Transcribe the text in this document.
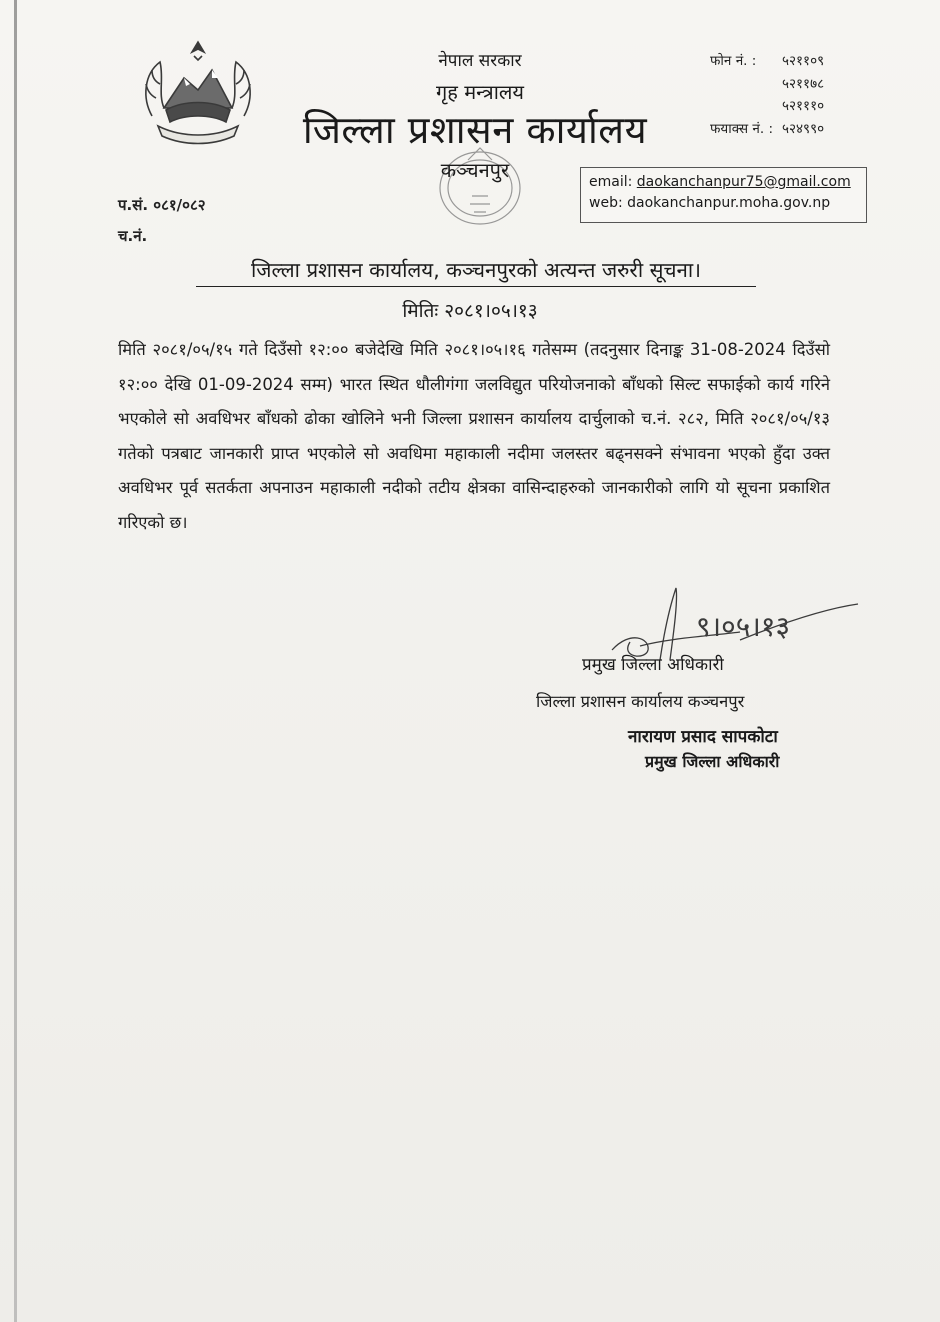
नेपाल सरकार
गृह मन्त्रालय
जिल्ला प्रशासन कार्यालय
कञ्चनपुर
फोन नं. : ५२११०९
५२११७८
५२१११०
फयाक्स नं. : ५२४९९०
email: daokanchanpur75@gmail.com
web: daokanchanpur.moha.gov.np
प.सं. ०८१/०८२
च.नं.
जिल्ला प्रशासन कार्यालय, कञ्चनपुरको अत्यन्त जरुरी सूचना।
मितिः २०८१।०५।१३

मिति २०८१/०५/१५ गते दिउँसो १२:०० बजेदेखि मिति २०८१।०५।१६ गतेसम्म (तदनुसार दिनाङ्क 31-08-2024 दिउँसो १२:०० देखि 01-09-2024 सम्म) भारत स्थित धौलीगंगा जलविद्युत परियोजनाको बाँधको सिल्ट सफाईको कार्य गरिने भएकोले सो अवधिभर बाँधको ढोका खोलिने भनी जिल्ला प्रशासन कार्यालय दार्चुलाको च.नं. २८२, मिति २०८१/०५/१३ गतेको पत्रबाट जानकारी प्राप्त भएकोले सो अवधिमा महाकाली नदीमा जलस्तर बढ्नसक्ने संभावना भएको हुँदा उक्त अवधिभर पूर्व सतर्कता अपनाउन महाकाली नदीको तटीय क्षेत्रका वासिन्दाहरुको जानकारीको लागि यो सूचना प्रकाशित गरिएको छ।

९।०५।१३
प्रमुख जिल्ला अधिकारी
जिल्ला प्रशासन कार्यालय कञ्चनपुर
नारायण प्रसाद सापकोटा
प्रमुख जिल्ला अधिकारी
